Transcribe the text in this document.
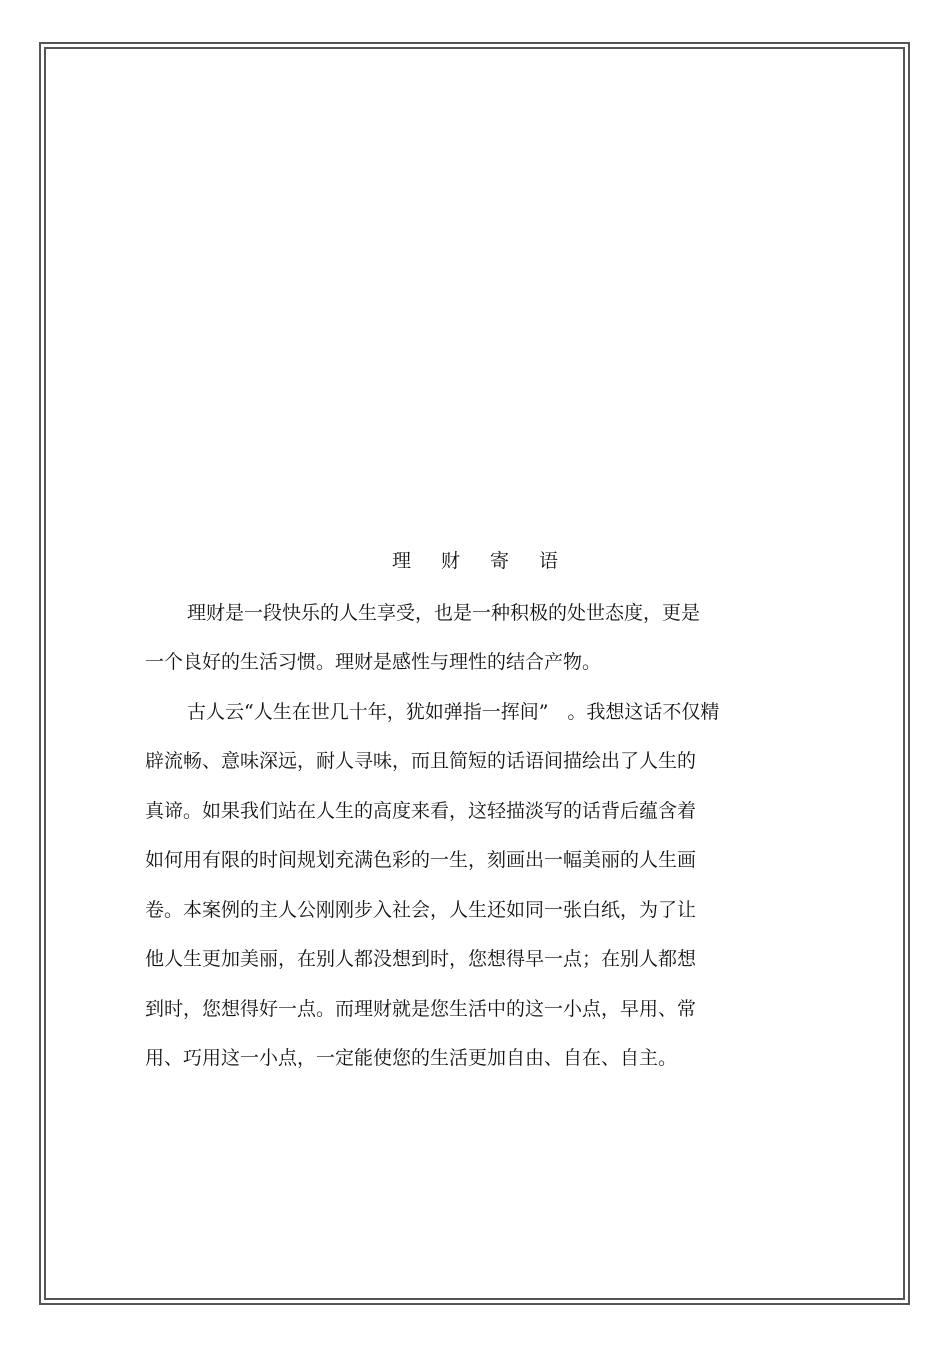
理 财 寄 语
理财是一段快乐的人生享受，也是一种积极的处世态度，更是
一个良好的生活习惯。理财是感性与理性的结合产物。
古人云“人生在世几十年，犹如弹指一挥间”　。我想这话不仅精
辟流畅、意味深远，耐人寻味，而且简短的话语间描绘出了人生的
真谛。如果我们站在人生的高度来看，这轻描淡写的话背后蕴含着
如何用有限的时间规划充满色彩的一生，刻画出一幅美丽的人生画
卷。本案例的主人公刚刚步入社会，人生还如同一张白纸，为了让
他人生更加美丽，在别人都没想到时，您想得早一点；在别人都想
到时，您想得好一点。而理财就是您生活中的这一小点，早用、常
用、巧用这一小点，一定能使您的生活更加自由、自在、自主。
